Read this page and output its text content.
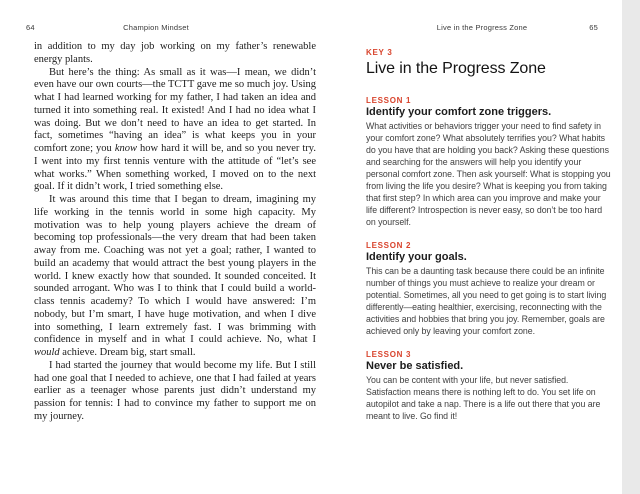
64	Champion Mindset	Live in the Progress Zone	65

in addition to my day job working on my father’s renewable energy plants.

But here’s the thing: As small as it was—I mean, we didn’t even have our own courts—the TCTT gave me so much joy. Using what I had learned working for my father, I had taken an idea and turned it into something real. It existed! And I had no idea what I was doing. But we don’t need to have an idea to get started. In fact, sometimes “having an idea” is what keeps you in your comfort zone; you know how hard it will be, and so you never try. I went into my first tennis venture with the attitude of “let’s see what works.” When something worked, I moved on to the next goal. If it didn’t work, I tried something else.

It was around this time that I began to dream, imagining my life working in the tennis world in some high capacity. My motivation was to help young players achieve the dream of becoming top professionals—the very dream that had been taken away from me. Coaching was not yet a goal; rather, I wanted to build an academy that would attract the best young players in the world. I knew exactly how that sounded. It sounded conceited. It sounded arrogant. Who was I to think that I could build a world-class tennis academy? To which I would have answered: I’m nobody, but I’m smart, I have huge motivation, and when I dive into something, I learn extremely fast. I was brimming with confidence in myself and in what I could achieve. No, what I would achieve. Dream big, start small.

I had started the journey that would become my life. But I still had one goal that I needed to achieve, one that I had failed at years earlier as a teenager whose parents just didn’t understand my passion for tennis: I had to convince my father to support me on my journey.

KEY 3
Live in the Progress Zone
LESSON 1
Identify your comfort zone triggers.
What activities or behaviors trigger your need to find safety in your comfort zone? What absolutely terrifies you? What habits do you have that are holding you back? Asking these questions and searching for the answers will help you identify your personal comfort zone. Then ask yourself: What is stopping you from living the life you desire? What is keeping you from taking that first step? In which area can you improve and make your life different? Introspection is never easy, so don’t be too hard on yourself.
LESSON 2
Identify your goals.
This can be a daunting task because there could be an infinite number of things you must achieve to realize your dream or potential. Sometimes, all you need to get going is to start living differently—eating healthier, exercising, reconnecting with the activities and hobbies that bring you joy. Remember, goals are achieved only by leaving your comfort zone.
LESSON 3
Never be satisfied.
You can be content with your life, but never satisfied. Satisfaction means there is nothing left to do. You set life on autopilot and take a nap. There is a life out there that you are meant to live. Go find it!
